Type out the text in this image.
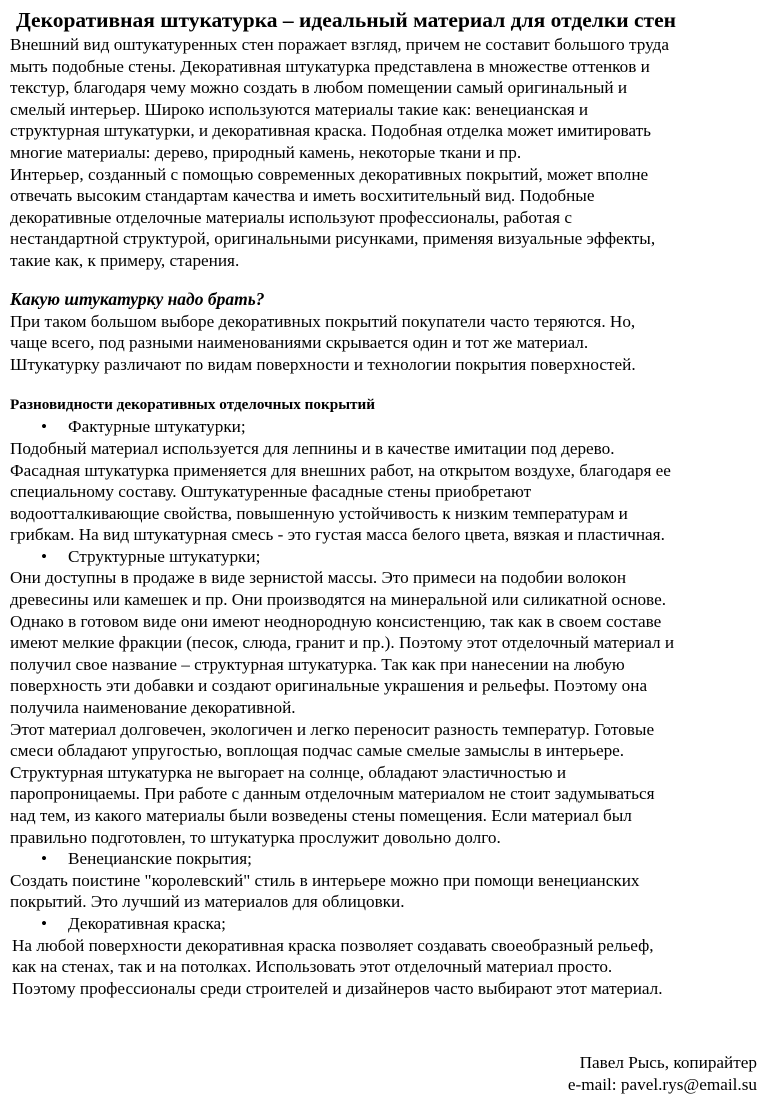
Декоративная штукатурка – идеальный материал для отделки стен

Внешний вид оштукатуренных стен поражает взгляд, причем не составит большого труда

мыть подобные стены. Декоративная штукатурка представлена в множестве оттенков и

текстур, благодаря чему можно создать в любом помещении самый оригинальный и

смелый интерьер. Широко используются материалы такие как: венецианская и

структурная штукатурки, и декоративная краска. Подобная отделка может имитировать

многие материалы: дерево, природный камень, некоторые ткани и пр.

Интерьер, созданный с помощью современных декоративных покрытий, может вполне

отвечать высоким стандартам качества и иметь восхитительный вид. Подобные

декоративные отделочные материалы используют профессионалы, работая с

нестандартной структурой, оригинальными рисунками, применяя визуальные эффекты,

такие как, к примеру, старения.

Какую штукатурку надо брать?

При таком большом выборе декоративных покрытий покупатели часто теряются. Но,

чаще всего, под разными наименованиями скрывается один и тот же материал.

Штукатурку различают по видам поверхности и технологии покрытия поверхностей.

Разновидности декоративных отделочных покрытий
•	Фактурные штукатурки;

Подобный материал используется для лепнины и в качестве имитации под дерево.

Фасадная штукатурка применяется для внешних работ, на открытом воздухе, благодаря ее

специальному составу. Оштукатуренные фасадные стены приобретают

водоотталкивающие свойства, повышенную устойчивость к низким температурам и

грибкам. На вид штукатурная смесь - это густая масса белого цвета, вязкая и пластичная.

•	Структурные штукатурки;

Они доступны в продаже в виде зернистой массы. Это примеси на подобии волокон

древесины или камешек и пр. Они производятся на минеральной или силикатной основе.

Однако в готовом виде они имеют неоднородную консистенцию, так как в своем составе

имеют мелкие фракции (песок, слюда, гранит и пр.). Поэтому этот отделочный материал и

получил свое название – структурная штукатурка. Так как при нанесении на любую

поверхность эти добавки и создают оригинальные украшения и рельефы. Поэтому она

получила наименование декоративной.

Этот материал долговечен, экологичен и легко переносит разность температур. Готовые

смеси обладают упругостью, воплощая подчас самые смелые замыслы в интерьере.

Структурная штукатурка не выгорает на солнце, обладают эластичностью и

паропроницаемы. При работе с данным отделочным материалом не стоит задумываться

над тем, из какого материалы были возведены стены помещения. Если материал был

правильно подготовлен, то штукатурка прослужит довольно долго.

•	Венецианские покрытия;

Создать поистине "королевский" стиль в интерьере можно при помощи венецианских

покрытий. Это лучший из материалов для облицовки.

•	Декоративная краска;

На любой поверхности декоративная краска позволяет создавать своеобразный рельеф,

как на стенах, так и на потолках. Использовать этот отделочный материал просто.

Поэтому профессионалы среди строителей и дизайнеров часто выбирают этот материал.

Павел Рысь, копирайтер
e-mail: pavel.rys@email.su
